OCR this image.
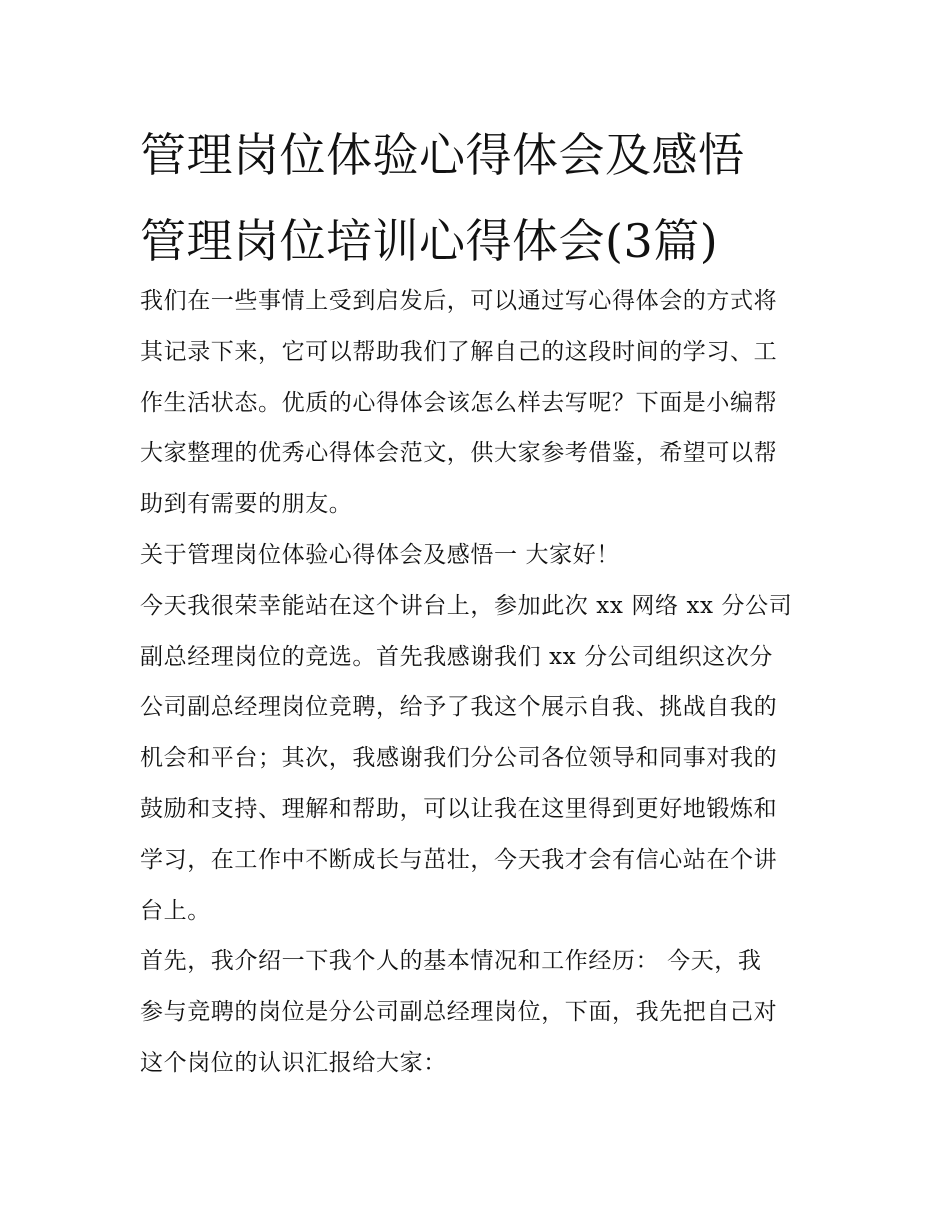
管理岗位体验心得体会及感悟
管理岗位培训心得体会(3篇)
我们在一些事情上受到启发后，可以通过写心得体会的方式将
其记录下来，它可以帮助我们了解自己的这段时间的学习、工
作生活状态。优质的心得体会该怎么样去写呢？下面是小编帮
大家整理的优秀心得体会范文，供大家参考借鉴，希望可以帮
助到有需要的朋友。
关于管理岗位体验心得体会及感悟一 大家好！
今天我很荣幸能站在这个讲台上，参加此次 xx 网络 xx 分公司
副总经理岗位的竞选。首先我感谢我们 xx 分公司组织这次分
公司副总经理岗位竞聘，给予了我这个展示自我、挑战自我的
机会和平台；其次，我感谢我们分公司各位领导和同事对我的
鼓励和支持、理解和帮助，可以让我在这里得到更好地锻炼和
学习，在工作中不断成长与茁壮，今天我才会有信心站在个讲
台上。
首先，我介绍一下我个人的基本情况和工作经历： 今天，我
参与竞聘的岗位是分公司副总经理岗位，下面，我先把自己对
这个岗位的认识汇报给大家：
